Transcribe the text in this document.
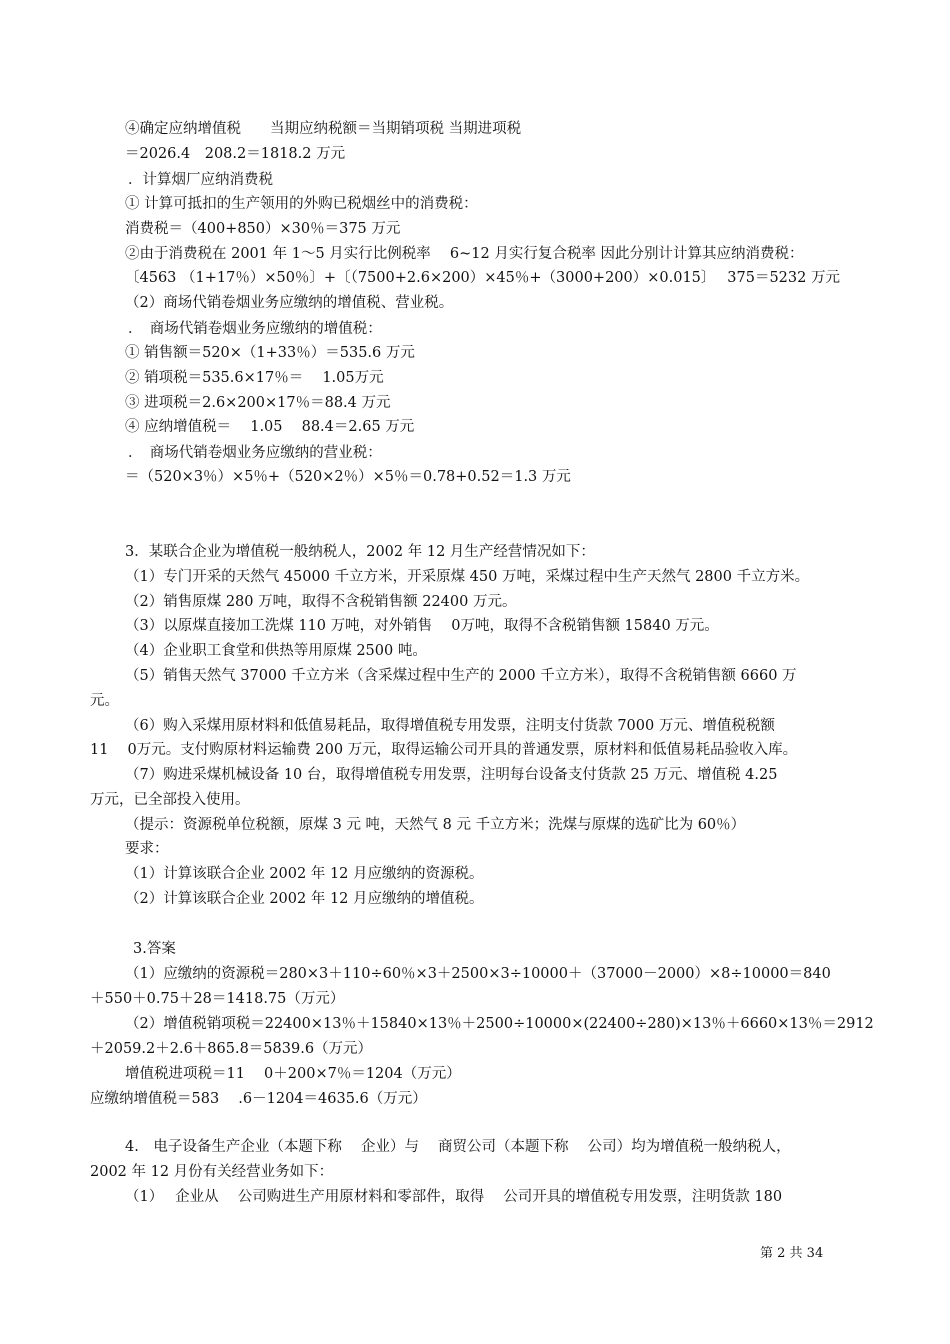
④确定应纳增值税　　当期应纳税额＝当期销项税 当期进项税
＝2026.4　208.2＝1818.2 万元
．计算烟厂应纳消费税
① 计算可抵扣的生产领用的外购已税烟丝中的消费税：
消费税＝（400+850）×30％＝375 万元
②由于消费税在 2001 年 1～5 月实行比例税率　 6~12 月实行复合税率 因此分别计计算其应纳消费税：
〔4563 （1+17％）×50％〕+〔（7500+2.6×200）×45％+（3000+200）×0.015〕　 375＝5232 万元
（2）商场代销卷烟业务应缴纳的增值税、营业税。
．　商场代销卷烟业务应缴纳的增值税：
① 销售额＝520×（1+33％）＝535.6 万元
② 销项税＝535.6×17％＝　 1.05万元
③ 进项税＝2.6×200×17％＝88.4 万元
④ 应纳增值税＝　 1.05　 88.4＝2.65 万元
．　商场代销卷烟业务应缴纳的营业税：
＝（520×3％）×5％+（520×2％）×5％＝0.78+0.52＝1.3 万元
3．某联合企业为增值税一般纳税人，2002 年 12 月生产经营情况如下：
（1）专门开采的天然气 45000 千立方米，开采原煤 450 万吨，采煤过程中生产天然气 2800 千立方米。
（2）销售原煤 280 万吨，取得不含税销售额 22400 万元。
（3）以原煤直接加工洗煤 110 万吨，对外销售　 0万吨，取得不含税销售额 15840 万元。
（4）企业职工食堂和供热等用原煤 2500 吨。
（5）销售天然气 37000 千立方米（含采煤过程中生产的 2000 千立方米），取得不含税销售额 6660 万
元。
（6）购入采煤用原材料和低值易耗品，取得增值税专用发票，注明支付货款 7000 万元、增值税税额
11　 0万元。支付购原材料运输费 200 万元，取得运输公司开具的普通发票，原材料和低值易耗品验收入库。
（7）购进采煤机械设备 10 台，取得增值税专用发票，注明每台设备支付货款 25 万元、增值税 4.25
万元，已全部投入使用。
（提示：资源税单位税额，原煤 3 元 吨，天然气 8 元 千立方米；洗煤与原煤的选矿比为 60％）
要求：
（1）计算该联合企业 2002 年 12 月应缴纳的资源税。
（2）计算该联合企业 2002 年 12 月应缴纳的增值税。
3.答案
（1）应缴纳的资源税＝280×3＋110÷60％×3＋2500×3÷10000＋（37000－2000）×8÷10000＝840
＋550＋0.75＋28＝1418.75（万元）
（2）增值税销项税＝22400×13％＋15840×13％＋2500÷10000×(22400÷280)×13％＋6660×13％＝2912
＋2059.2＋2.6＋865.8＝5839.6（万元）
增值税进项税＝11　 0＋200×7％＝1204（万元）
应缴纳增值税＝583　 .6－1204＝4635.6（万元）
4.　电子设备生产企业（本题下称　 企业）与　 商贸公司（本题下称　 公司）均为增值税一般纳税人，
2002 年 12 月份有关经营业务如下：
（1）　 企业从　 公司购进生产用原材料和零部件，取得　 公司开具的增值税专用发票，注明货款 180
第 2 共 34
